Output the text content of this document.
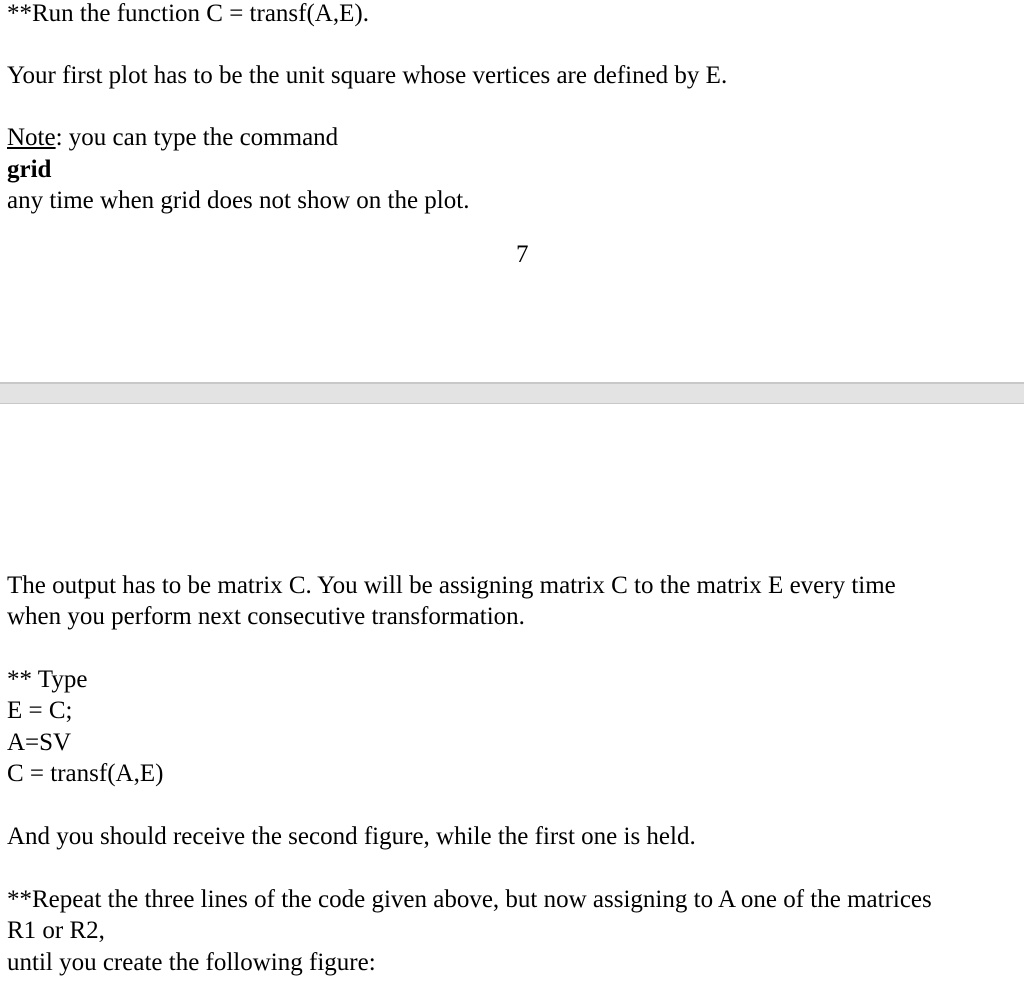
**Run the function C = transf(A,E).
Your first plot has to be the unit square whose vertices are defined by E.
Note: you can type the command
grid
any time when grid does not show on the plot.
7
The output has to be matrix C. You will be assigning matrix C to the matrix E every time
when you perform next consecutive transformation.
** Type
E = C;
A=SV
C = transf(A,E)
And you should receive the second figure, while the first one is held.
**Repeat the three lines of the code given above, but now assigning to A one of the matrices
R1 or R2,
until you create the following figure:
